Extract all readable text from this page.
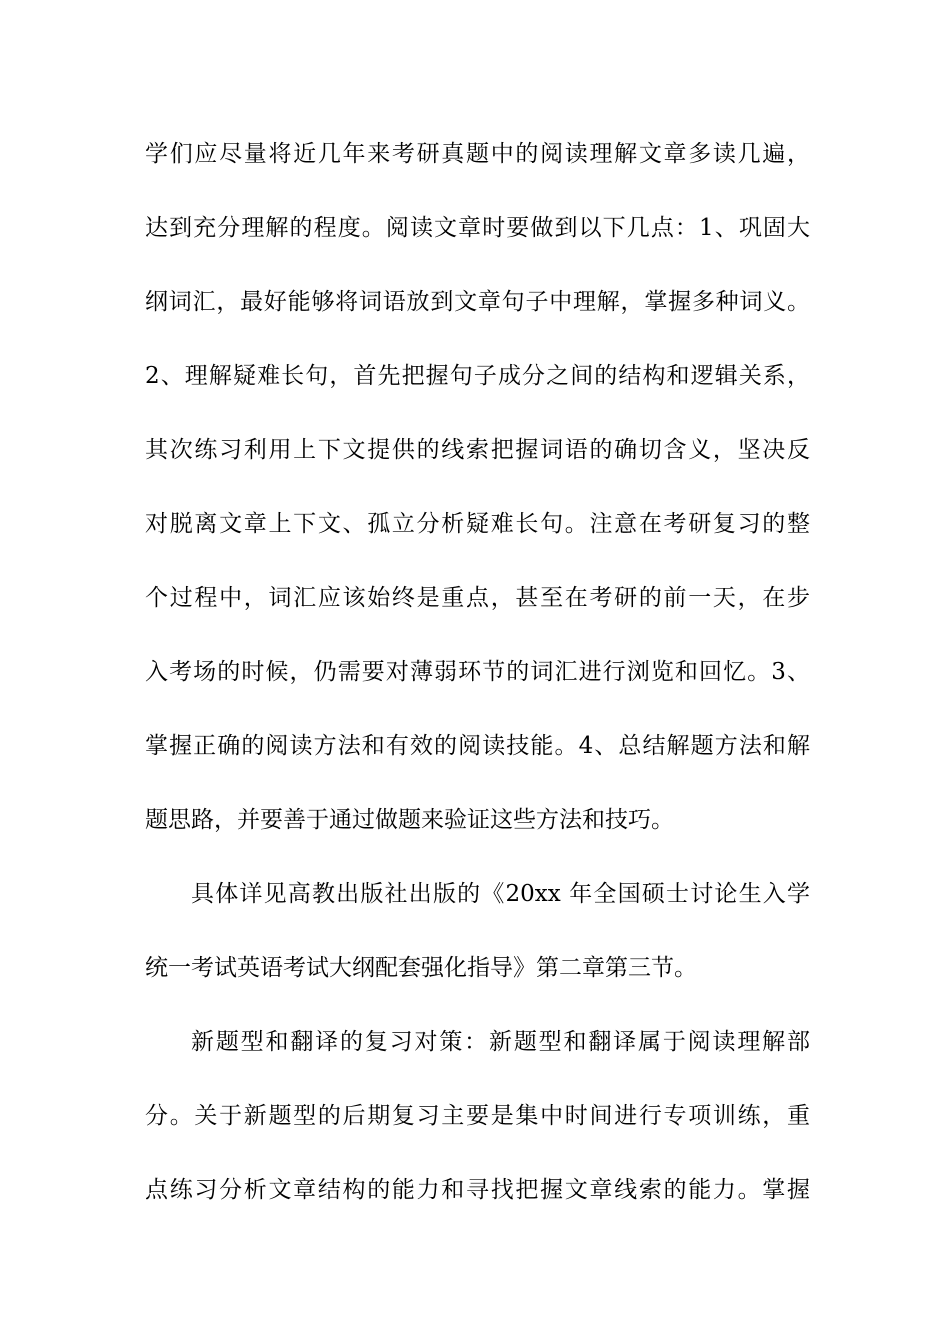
学们应尽量将近几年来考研真题中的阅读理解文章多读几遍，
达到充分理解的程度。阅读文章时要做到以下几点：1、巩固大
纲词汇，最好能够将词语放到文章句子中理解，掌握多种词义。
2、理解疑难长句，首先把握句子成分之间的结构和逻辑关系，
其次练习利用上下文提供的线索把握词语的确切含义，坚决反
对脱离文章上下文、孤立分析疑难长句。注意在考研复习的整
个过程中，词汇应该始终是重点，甚至在考研的前一天，在步
入考场的时候，仍需要对薄弱环节的词汇进行浏览和回忆。3、
掌握正确的阅读方法和有效的阅读技能。4、总结解题方法和解
题思路，并要善于通过做题来验证这些方法和技巧。
具体详见高教出版社出版的《20xx 年全国硕士讨论生入学
统一考试英语考试大纲配套强化指导》第二章第三节。
新题型和翻译的复习对策：新题型和翻译属于阅读理解部
分。关于新题型的后期复习主要是集中时间进行专项训练，重
点练习分析文章结构的能力和寻找把握文章线索的能力。掌握
